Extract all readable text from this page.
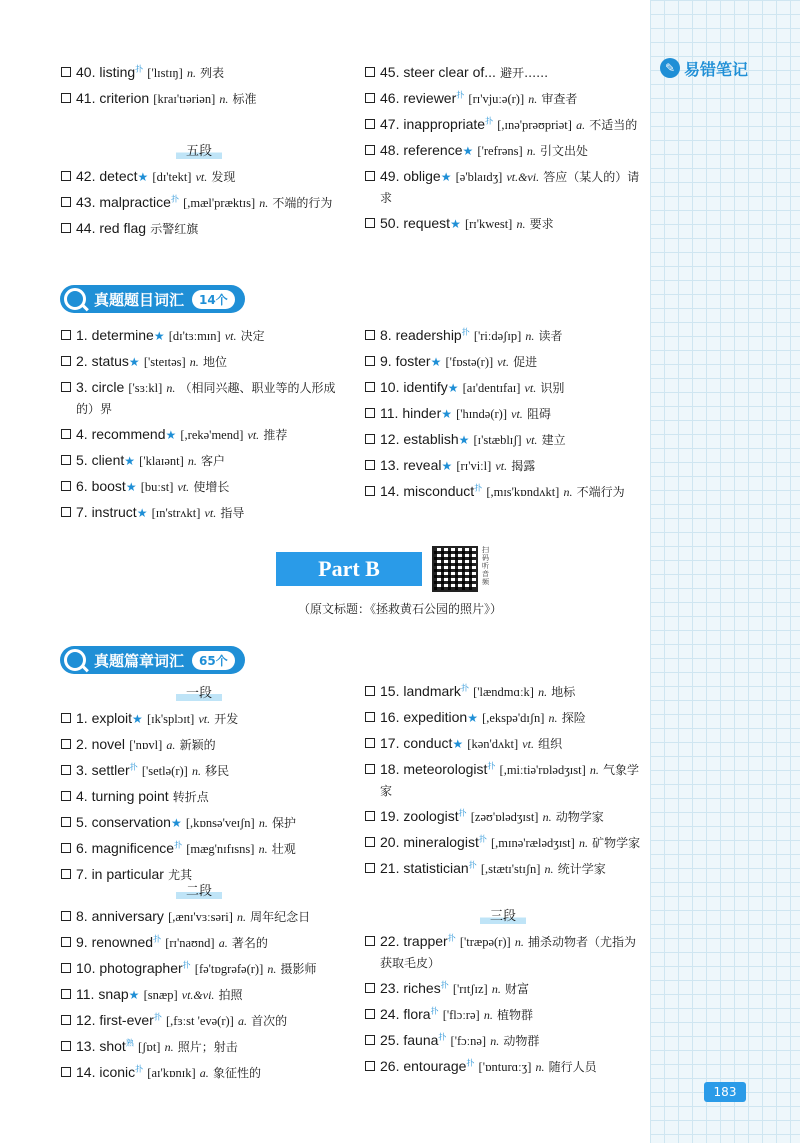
✎ 易错笔记
40. listing$^扑$ ['lɪstɪŋ] n. 列表
41. criterion [kraɪ'tɪəriən] n. 标准
五段
42. detect★ [dɪ'tekt] vt. 发现
43. malpractice$^扑$ [,mæl'præktɪs] n. 不端的行为
44. red flag 示警红旗
45. steer clear of... 避开……
46. reviewer$^扑$ [rɪ'vjuːə(r)] n. 审查者
47. inappropriate$^扑$ [,ɪnə'prəʊpriət] a. 不适当的
48. reference★ ['refrəns] n. 引文出处
49. oblige★ [ə'blaɪdʒ] vt.&vi. 答应（某人的）请求
50. request★ [rɪ'kwest] n. 要求
真题题目词汇	14个
1. determine★ [dɪ'tɜːmɪn] vt. 决定
2. status★ ['steɪtəs] n. 地位
3. circle ['sɜːkl] n. （相同兴趣、职业等的人形成的）界
4. recommend★ [,rekə'mend] vt. 推荐
5. client★ ['klaɪənt] n. 客户
6. boost★ [buːst] vt. 使增长
7. instruct★ [ɪn'strʌkt] vt. 指导
8. readership$^扑$ ['riːdəʃɪp] n. 读者
9. foster★ ['fɒstə(r)] vt. 促进
10. identify★ [aɪ'dentɪfaɪ] vt. 识别
11. hinder★ ['hɪndə(r)] vt. 阻碍
12. establish★ [ɪ'stæblɪʃ] vt. 建立
13. reveal★ [rɪ'viːl] vt. 揭露
14. misconduct$^扑$ [,mɪs'kɒndʌkt] n. 不端行为
Part B
扫码听音频
（原文标题：《拯救黄石公园的照片》）
真题篇章词汇	65个
一段
1. exploit★ [ɪk'splɔɪt] vt. 开发
2. novel ['nɒvl] a. 新颖的
3. settler$^扑$ ['setlə(r)] n. 移民
4. turning point 转折点
5. conservation★ [,kɒnsə'veɪʃn] n. 保护
6. magnificence$^扑$ [mæg'nɪfɪsns] n. 壮观
7. in particular 尤其
二段
8. anniversary [,ænɪ'vɜːsəri] n. 周年纪念日
9. renowned$^扑$ [rɪ'naʊnd] a. 著名的
10. photographer$^扑$ [fə'tɒgrəfə(r)] n. 摄影师
11. snap★ [snæp] vt.&vi. 拍照
12. first-ever$^扑$ [,fɜːst 'evə(r)] a. 首次的
13. shot$^熟$ [ʃɒt] n. 照片；射击
14. iconic$^扑$ [aɪ'kɒnɪk] a. 象征性的
15. landmark$^扑$ ['lændmɑːk] n. 地标
16. expedition★ [,ekspə'dɪʃn] n. 探险
17. conduct★ [kən'dʌkt] vt. 组织
18. meteorologist$^扑$ [,miːtiə'rɒlədʒɪst] n. 气象学家
19. zoologist$^扑$ [zəʊ'ɒlədʒɪst] n. 动物学家
20. mineralogist$^扑$ [,mɪnə'rælədʒɪst] n. 矿物学家
21. statistician$^扑$ [,stætɪ'stɪʃn] n. 统计学家
三段
22. trapper$^扑$ ['træpə(r)] n. 捕杀动物者（尤指为获取毛皮）
23. riches$^扑$ ['rɪtʃɪz] n. 财富
24. flora$^扑$ ['flɔːrə] n. 植物群
25. fauna$^扑$ ['fɔːnə] n. 动物群
26. entourage$^扑$ ['ɒnturɑːʒ] n. 随行人员
183
